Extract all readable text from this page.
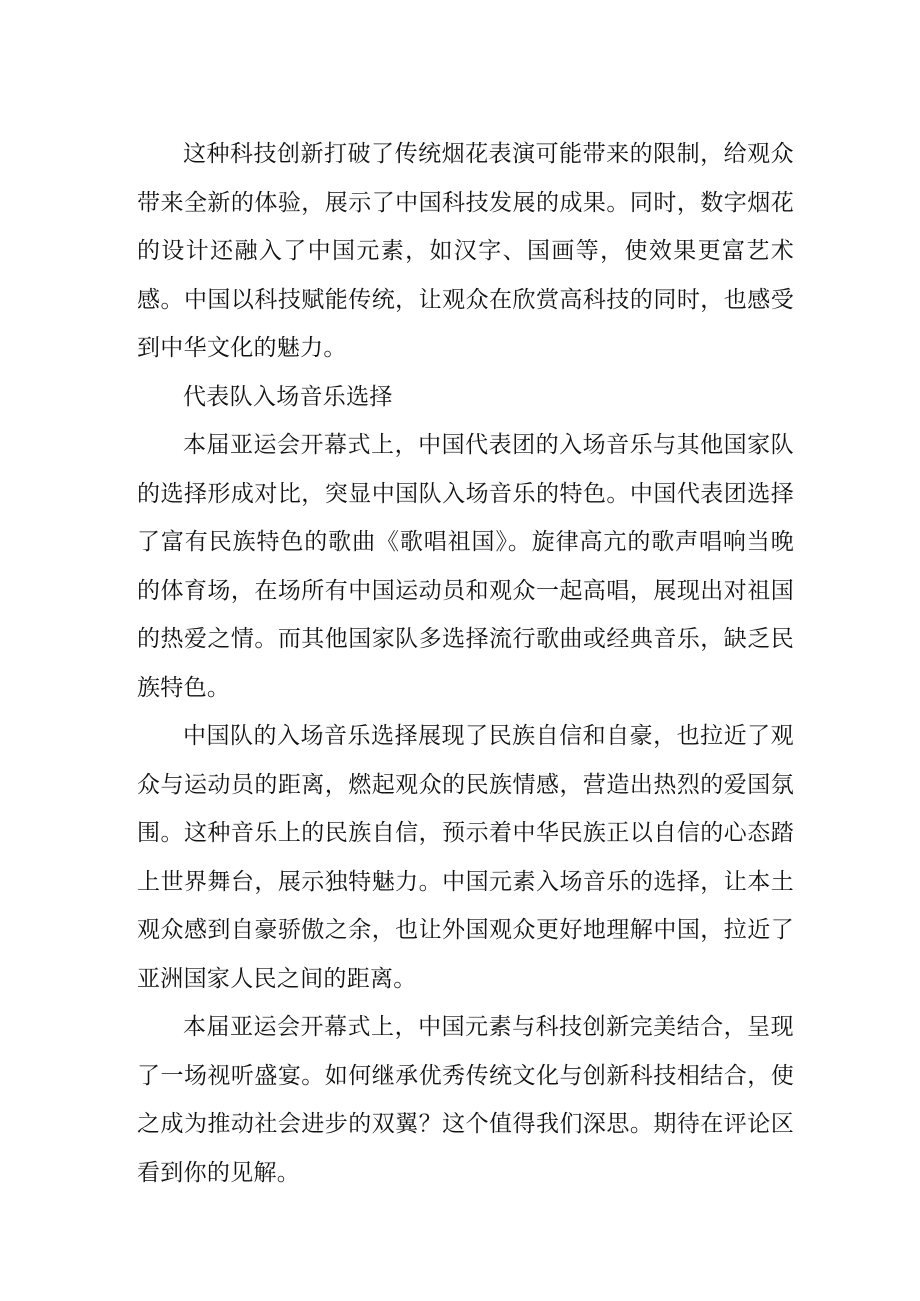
这种科技创新打破了传统烟花表演可能带来的限制，给观众带来全新的体验，展示了中国科技发展的成果。同时，数字烟花的设计还融入了中国元素，如汉字、国画等，使效果更富艺术感。中国以科技赋能传统，让观众在欣赏高科技的同时，也感受到中华文化的魅力。

代表队入场音乐选择

本届亚运会开幕式上，中国代表团的入场音乐与其他国家队的选择形成对比，突显中国队入场音乐的特色。中国代表团选择了富有民族特色的歌曲《歌唱祖国》。旋律高亢的歌声唱响当晚的体育场，在场所有中国运动员和观众一起高唱，展现出对祖国的热爱之情。而其他国家队多选择流行歌曲或经典音乐，缺乏民族特色。

中国队的入场音乐选择展现了民族自信和自豪，也拉近了观众与运动员的距离，燃起观众的民族情感，营造出热烈的爱国氛围。这种音乐上的民族自信，预示着中华民族正以自信的心态踏上世界舞台，展示独特魅力。中国元素入场音乐的选择，让本土观众感到自豪骄傲之余，也让外国观众更好地理解中国，拉近了亚洲国家人民之间的距离。

本届亚运会开幕式上，中国元素与科技创新完美结合，呈现了一场视听盛宴。如何继承优秀传统文化与创新科技相结合，使之成为推动社会进步的双翼？这个值得我们深思。期待在评论区看到你的见解。
